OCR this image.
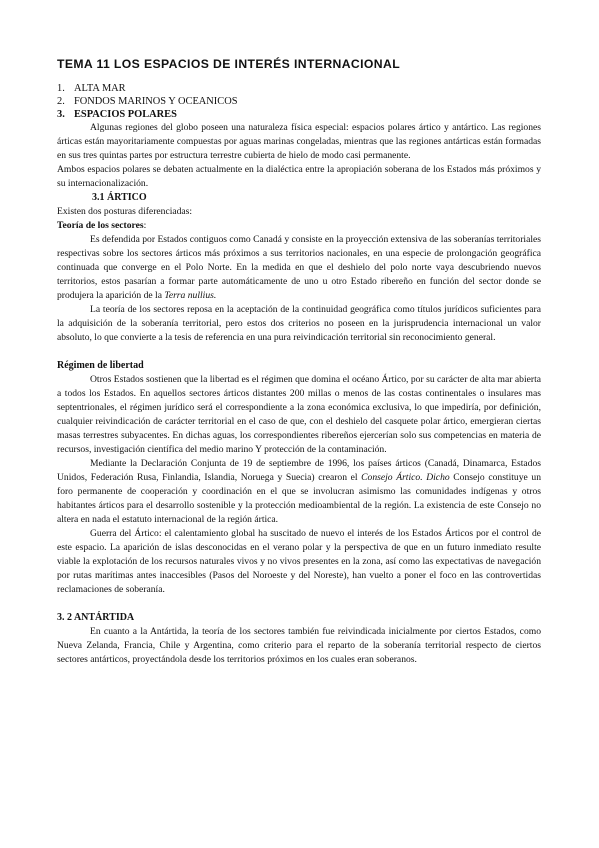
TEMA 11 LOS ESPACIOS DE INTERÉS INTERNACIONAL
1. ALTA MAR
2. FONDOS MARINOS Y OCEANICOS
3. ESPACIOS POLARES

Algunas regiones del globo poseen una naturaleza física especial: espacios polares ártico y antártico. Las regiones árticas están mayoritariamente compuestas por aguas marinas congeladas, mientras que las regiones antárticas están formadas en sus tres quintas partes por estructura terrestre cubierta de hielo de modo casi permanente.

Ambos espacios polares se debaten actualmente en la dialéctica entre la apropiación soberana de los Estados más próximos y su internacionalización.

3.1 ÁRTICO

Existen dos posturas diferenciadas:

Teoría de los sectores:

Es defendida por Estados contiguos como Canadá y consiste en la proyección extensiva de las soberanías territoriales respectivas sobre los sectores árticos más próximos a sus territorios nacionales, en una especie de prolongación geográfica continuada que converge en el Polo Norte. En la medida en que el deshielo del polo norte vaya descubriendo nuevos territorios, estos pasarían a formar parte automáticamente de uno u otro Estado ribereño en función del sector donde se produjera la aparición de la Terra nullius.

La teoría de los sectores reposa en la aceptación de la continuidad geográfica como títulos jurídicos suficientes para la adquisición de la soberanía territorial, pero estos dos criterios no poseen en la jurisprudencia internacional un valor absoluto, lo que convierte a la tesis de referencia en una pura reivindicación territorial sin reconocimiento general.

Régimen de libertad

Otros Estados sostienen que la libertad es el régimen que domina el océano Ártico, por su carácter de alta mar abierta a todos los Estados. En aquellos sectores árticos distantes 200 millas o menos de las costas continentales o insulares mas septentrionales, el régimen jurídico será el correspondiente a la zona económica exclusiva, lo que impediría, por definición, cualquier reivindicación de carácter territorial en el caso de que, con el deshielo del casquete polar ártico, emergieran ciertas masas terrestres subyacentes. En dichas aguas, los correspondientes ribereños ejercerían solo sus competencias en materia de recursos, investigación científica del medio marino Y protección de la contaminación.

Mediante la Declaración Conjunta de 19 de septiembre de 1996, los países árticos (Canadá, Dinamarca, Estados Unidos, Federación Rusa, Finlandia, Islandia, Noruega y Suecia) crearon el Consejo Ártico. Dicho Consejo constituye un foro permanente de cooperación y coordinación en el que se involucran asimismo las comunidades indígenas y otros habitantes árticos para el desarrollo sostenible y la protección medioambiental de la región. La existencia de este Consejo no altera en nada el estatuto internacional de la región ártica.

Guerra del Ártico: el calentamiento global ha suscitado de nuevo el interés de los Estados Árticos por el control de este espacio. La aparición de islas desconocidas en el verano polar y la perspectiva de que en un futuro inmediato resulte viable la explotación de los recursos naturales vivos y no vivos presentes en la zona, así como las expectativas de navegación por rutas marítimas antes inaccesibles (Pasos del Noroeste y del Noreste), han vuelto a poner el foco en las controvertidas reclamaciones de soberanía.

3. 2 ANTÁRTIDA

En cuanto a la Antártida, la teoría de los sectores también fue reivindicada inicialmente por ciertos Estados, como Nueva Zelanda, Francia, Chile y Argentina, como criterio para el reparto de la soberanía territorial respecto de ciertos sectores antárticos, proyectándola desde los territorios próximos en los cuales eran soberanos.
